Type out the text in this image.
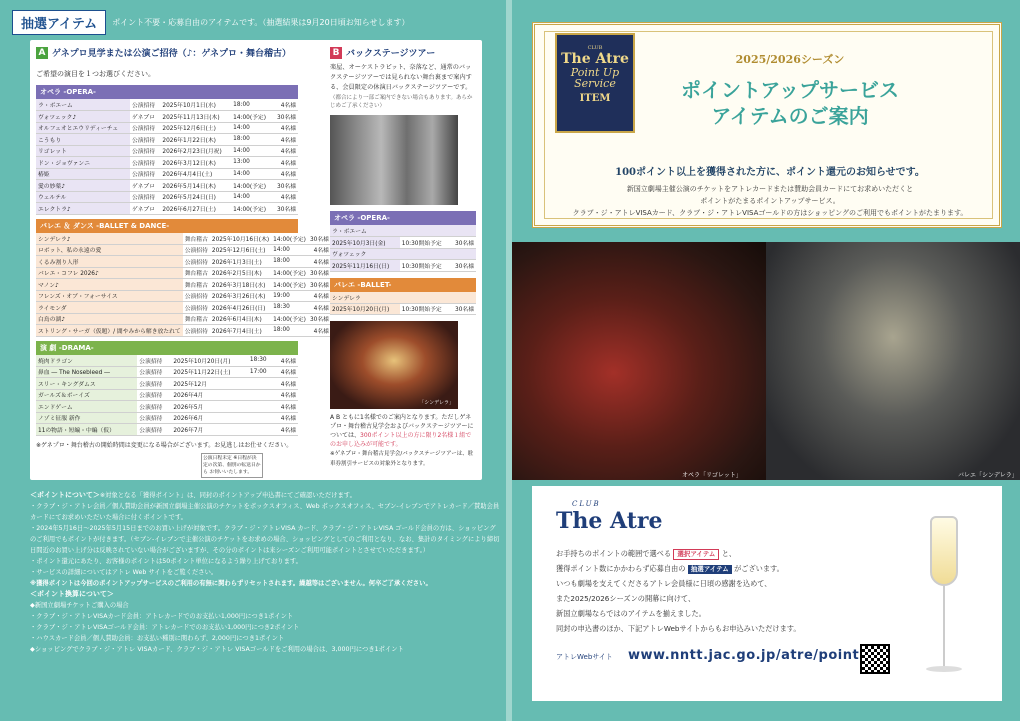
抽選アイテム	ポイント不要・応募自由のアイテムです。（抽選結果は9月20日頃お知らせします）
A ゲネプロ見学または公演ご招待（♪：ゲネプロ・舞台稽古）
ご希望の演目を１つお選びください。
オペラ -OPERA-
ラ・ボエーム	公演招待	2025年10月1日(水)	18:00	4名様
ヴォツェック♪	ゲネプロ	2025年11月13日(木)	14:00(予定)	30名様
オルフェオとエウリディーチェ	公演招待	2025年12月6日(土)	14:00	4名様
こうもり	公演招待	2026年1月22日(木)	18:00	4名様
リゴレット	公演招待	2026年2月23日(月祝)	14:00	4名様
ドン・ジョヴァンニ	公演招待	2026年3月12日(木)	13:00	4名様
椿姫	公演招待	2026年4月4日(土)	14:00	4名様
愛の妙薬♪	ゲネプロ	2026年5月14日(木)	14:00(予定)	30名様
ウェルテル	公演招待	2026年5月24日(日)	14:00	4名様
エレクトラ♪	ゲネプロ	2026年6月27日(土)	14:00(予定)	30名様
バレエ ＆ ダンス -BALLET & DANCE-
シンデレラ♪	舞台稽古	2025年10月16日(木)	14:00(予定)	30名様
ロボット、私の永遠の愛	公演招待	2025年12月6日(土)	14:00	4名様
くるみ割り人形	公演招待	2026年1月3日(土)	18:00	4名様
バレエ・コフレ 2026♪	舞台稽古	2026年2月5日(木)	14:00(予定)	30名様
マノン♪	舞台稽古	2026年3月18日(水)	14:00(予定)	30名様
フレンズ・オブ・フォーサイス	公演招待	2026年3月26日(木)	19:00	4名様
ライモンダ	公演招待	2026年4月26日(日)	18:30	4名様
白鳥の湖♪	舞台稽古	2026年6月4日(木)	14:00(予定)	30名様
ストリング・サーガ（仮題）/ 闇やみから解き放たれて	公演招待	2026年7月4日(土)	18:00	4名様
演 劇 -DRAMA-
焼肉ドラゴン	公演招待	2025年10月20日(月)	18:30	4名様
鼻血 ― The Nosebleed ―	公演招待	2025年11月22日(土)	17:00	4名様
スリー・キングダムス	公演招待	2025年12月		4名様
ガールズ＆ボーイズ	公演招待	2026年4月		4名様
エンドゲーム	公演招待	2026年5月		4名様
ノゾミ征服 新作	公演招待	2026年6月		4名様
11の物語・短編・中編（仮）	公演招待	2026年7月		4名様
公演日程未定 ※日程が決定の次第、個別の転送日から お伺いいたします。
※ゲネプロ・舞台稽古の開始時間は変更になる場合がございます。お見逃しはお仕せください。
B バックステージツアー
楽屋、オーケストラピット、奈落など、通常のバックステージツアーでは見られない舞台裏まで案内する、会員限定の休演日バックステージツアーです。
（都合により一部ご案内できない場合もあります。あらかじめご了承ください）
オペラ -OPERA-
ラ・ボエーム		
2025年10月3日(金)	10:30開始予定	30名様
ヴォツェック		
2025年11月16日(日)	10:30開始予定	30名様
バレエ -BALLET-
シンデレラ
2025年10月20日(月)	10:30開始予定	30名様
「シンデレラ」
A B ともに1名様でのご案内となります。ただしゲネプロ・舞台稽古見学会およびバックステージツアーについては、300ポイント以上の方に限り2名様１組でのお申し込みが可能です。
※ゲネプロ・舞台稽古見学会/バックステージツアーは、駐車券割引サービスの対象外となります。
＜ポイントについて＞※対象となる「獲得ポイント」は、同封のポイントアップ申込書にてご確認いただけます。
・クラブ・ジ・アトレ会員／個人賛助会員が新国立劇場主催公演のチケットをボックスオフィス、Web ボックスオフィス、セブン-イレブンでアトレカード／賛助会員カードにてお求めいただいた場合に付くポイントです。
・2024年5月16日～2025年5月15日までのお買い上げが対象です。クラブ・ジ・アトレVISA カード、クラブ・ジ・アトレVISA ゴールド会員の方は、ショッピングのご利用でもポイントが付きます。（セブン-イレブンで主催公演のチケットをお求めの場合、ショッピングとしてのご利用となり、なお、集計のタイミングにより締切日間近のお買い上げ分は反映されていない場合がございますが、その分のポイントは来シーズンご利用可能ポイントとさせていただきます。）
・ポイント還元にあたり、お客様のポイントは50ポイント単位になるよう繰り上げております。
・サービスの詳細についてはアトレ Web サイトをご覧ください。
※獲得ポイントは今回のポイントアップサービスのご利用の有無に関わらずリセットされます。繰越等はございません。何卒ご了承ください。
＜ポイント換算について＞
◆新国立劇場チケットご購入の場合
・クラブ・ジ・アトレVISAカード会員：アトレカードでのお支払い1,000円につき1ポイント
・クラブ・ジ・アトレVISAゴールド会員：アトレカードでのお支払い1,000円につき2ポイント
・ハウスカード会員／個人賛助会員：お支払い種別に関わらず、2,000円につき1ポイント
◆ショッピングでクラブ・ジ・アトレ VISAカード、クラブ・ジ・アトレ VISAゴールドをご利用の場合は、3,000円につき1ポイント
CLUB
The Atre
Point Up Service
ITEM
2025/2026シーズン
ポイントアップサービス
アイテムのご案内
100ポイント以上を獲得された方に、ポイント還元のお知らせです。
新国立劇場主催公演のチケットをアトレカードまたは賛助会員カードにてお求めいただくと
ポイントがたまるポイントアップサービス。
クラブ・ジ・アトレVISAカード、クラブ・ジ・アトレVISAゴールドの方はショッピングのご利用でもポイントがたまります。
オペラ「リゴレット」	バレエ「シンデレラ」
CLUB
The Atre
お手持ちのポイントの範囲で選べる 選択アイテム と、
獲得ポイント数にかかわらず応募自由の 抽選アイテム がございます。
いつも劇場を支えてくださるアトレ会員様に日頃の感謝を込めて、
また2025/2026シーズンの開幕に向けて、
新国立劇場ならではのアイテムを揃えました。
同封の申込書のほか、下記アトレWebサイトからもお申込みいただけます。
アトレWebサイト www.nntt.jac.go.jp/atre/point
